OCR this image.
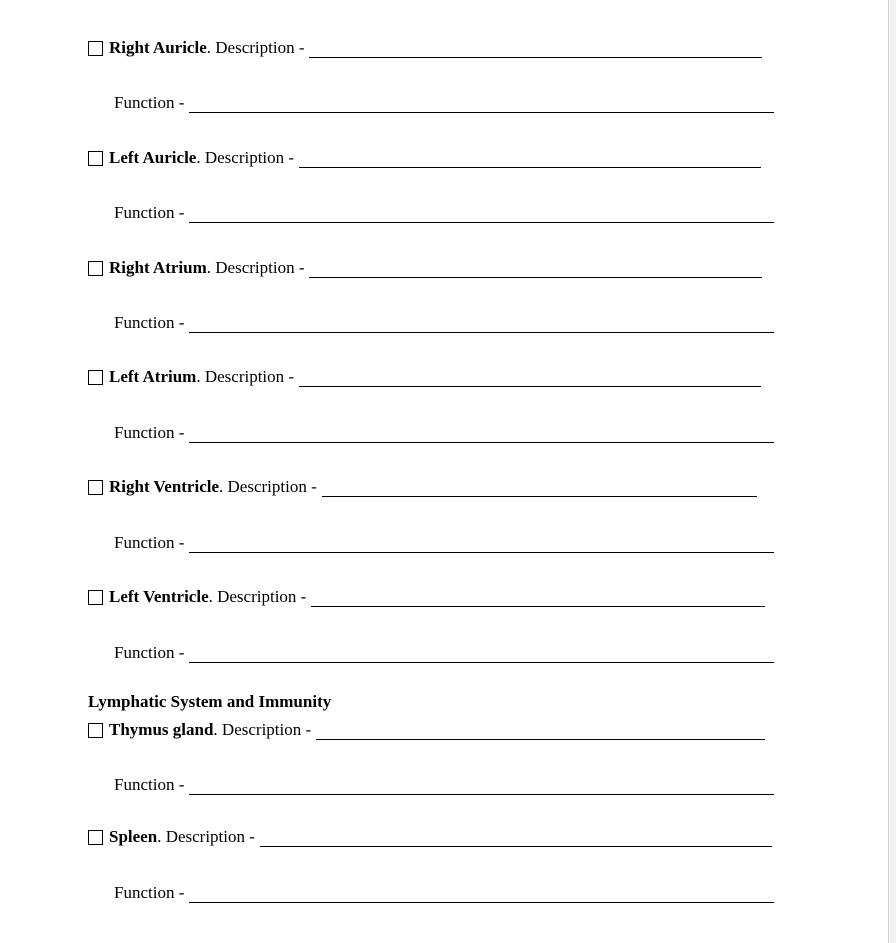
Right Auricle . Description -
Function -
Left Auricle . Description -
Function -
Right Atrium . Description -
Function -
Left Atrium . Description -
Function -
Right Ventricle . Description -
Function -
Left Ventricle . Description -
Function -
Lymphatic System and Immunity
Thymus gland . Description -
Function -
Spleen . Description -
Function -
